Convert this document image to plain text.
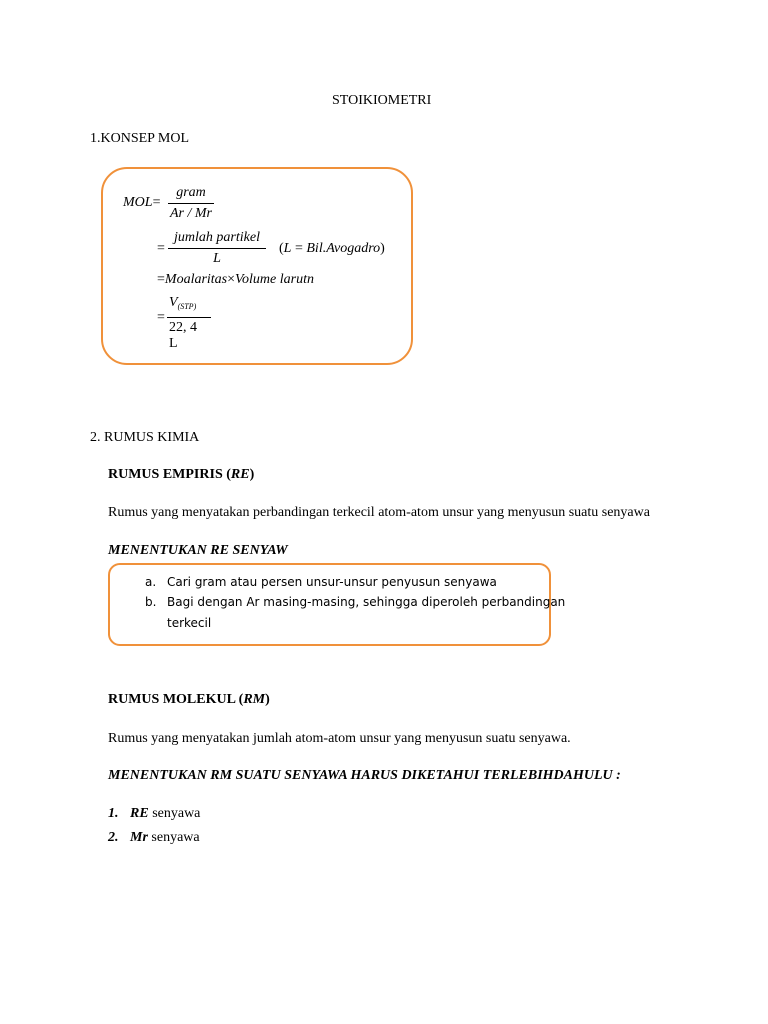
STOIKIOMETRI
1.KONSEP MOL
MOL=
gram
Ar / Mr
=
jumlah partikel
L
(L = Bil.Avogadro)
=Moalaritas×Volume larutn
=
$V_{(STP)}$
22, 4 L
2. RUMUS KIMIA
RUMUS EMPIRIS (RE)
Rumus yang menyatakan perbandingan terkecil atom-atom unsur yang menyusun suatu senyawa
MENENTUKAN RE SENYAW
a. Cari gram atau persen unsur-unsur penyusun senyawa
b. Bagi dengan Ar masing-masing, sehingga diperoleh perbandingan
terkecil
RUMUS MOLEKUL (RM)
Rumus yang menyatakan jumlah atom-atom unsur yang menyusun suatu senyawa.
MENENTUKAN RM SUATU SENYAWA HARUS DIKETAHUI TERLEBIHDAHULU :
1. RE senyawa
2. Mr senyawa
